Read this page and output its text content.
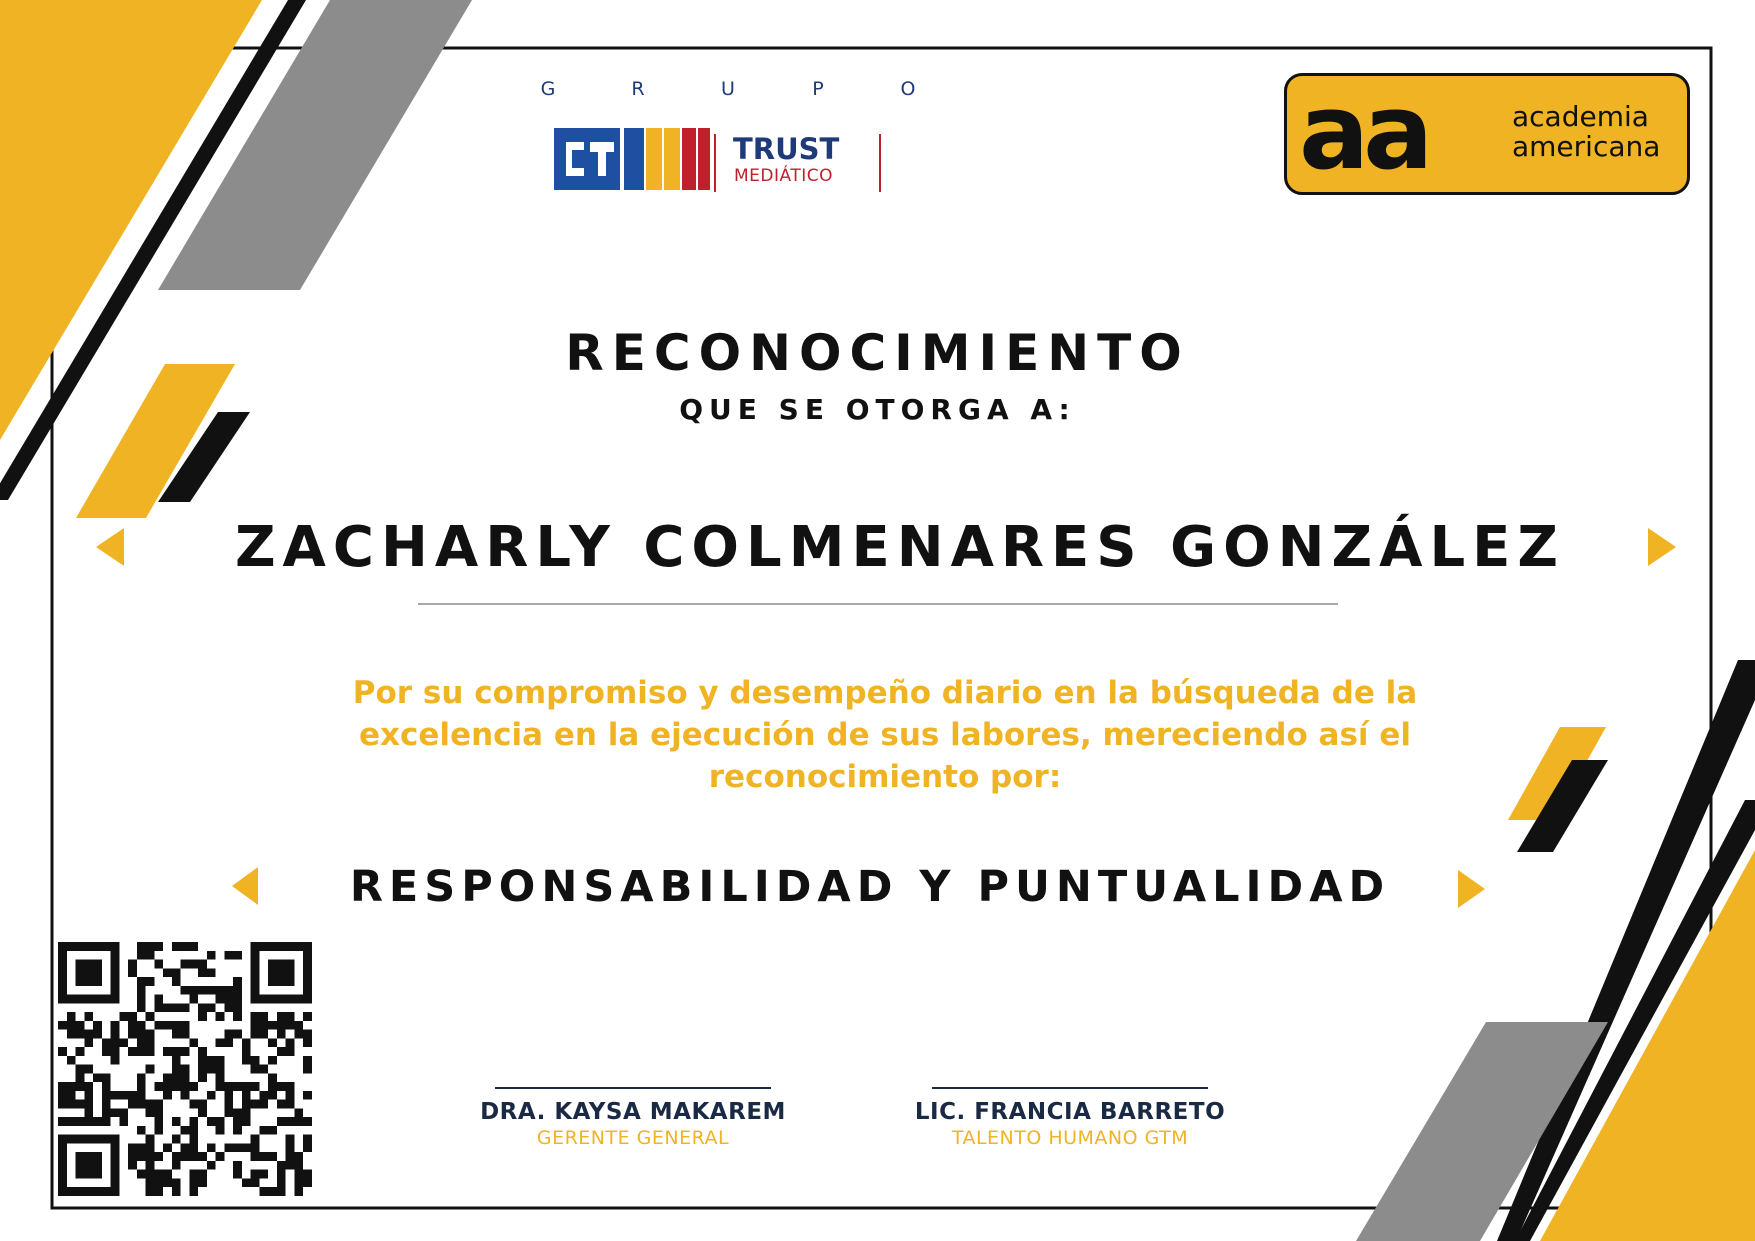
G	R	U	P	O
TRUST
MEDIÁTICO	aa	academia
americana
RECONOCIMIENTO
QUE SE OTORGA A:
ZACHARLY COLMENARES GONZÁLEZ
Por su compromiso y desempeño diario en la búsqueda de la excelencia en la ejecución de sus labores, mereciendo así el reconocimiento por:
RESPONSABILIDAD Y PUNTUALIDAD
DRA. KAYSA MAKAREM
GERENTE GENERAL
LIC. FRANCIA BARRETO
TALENTO HUMANO GTM
